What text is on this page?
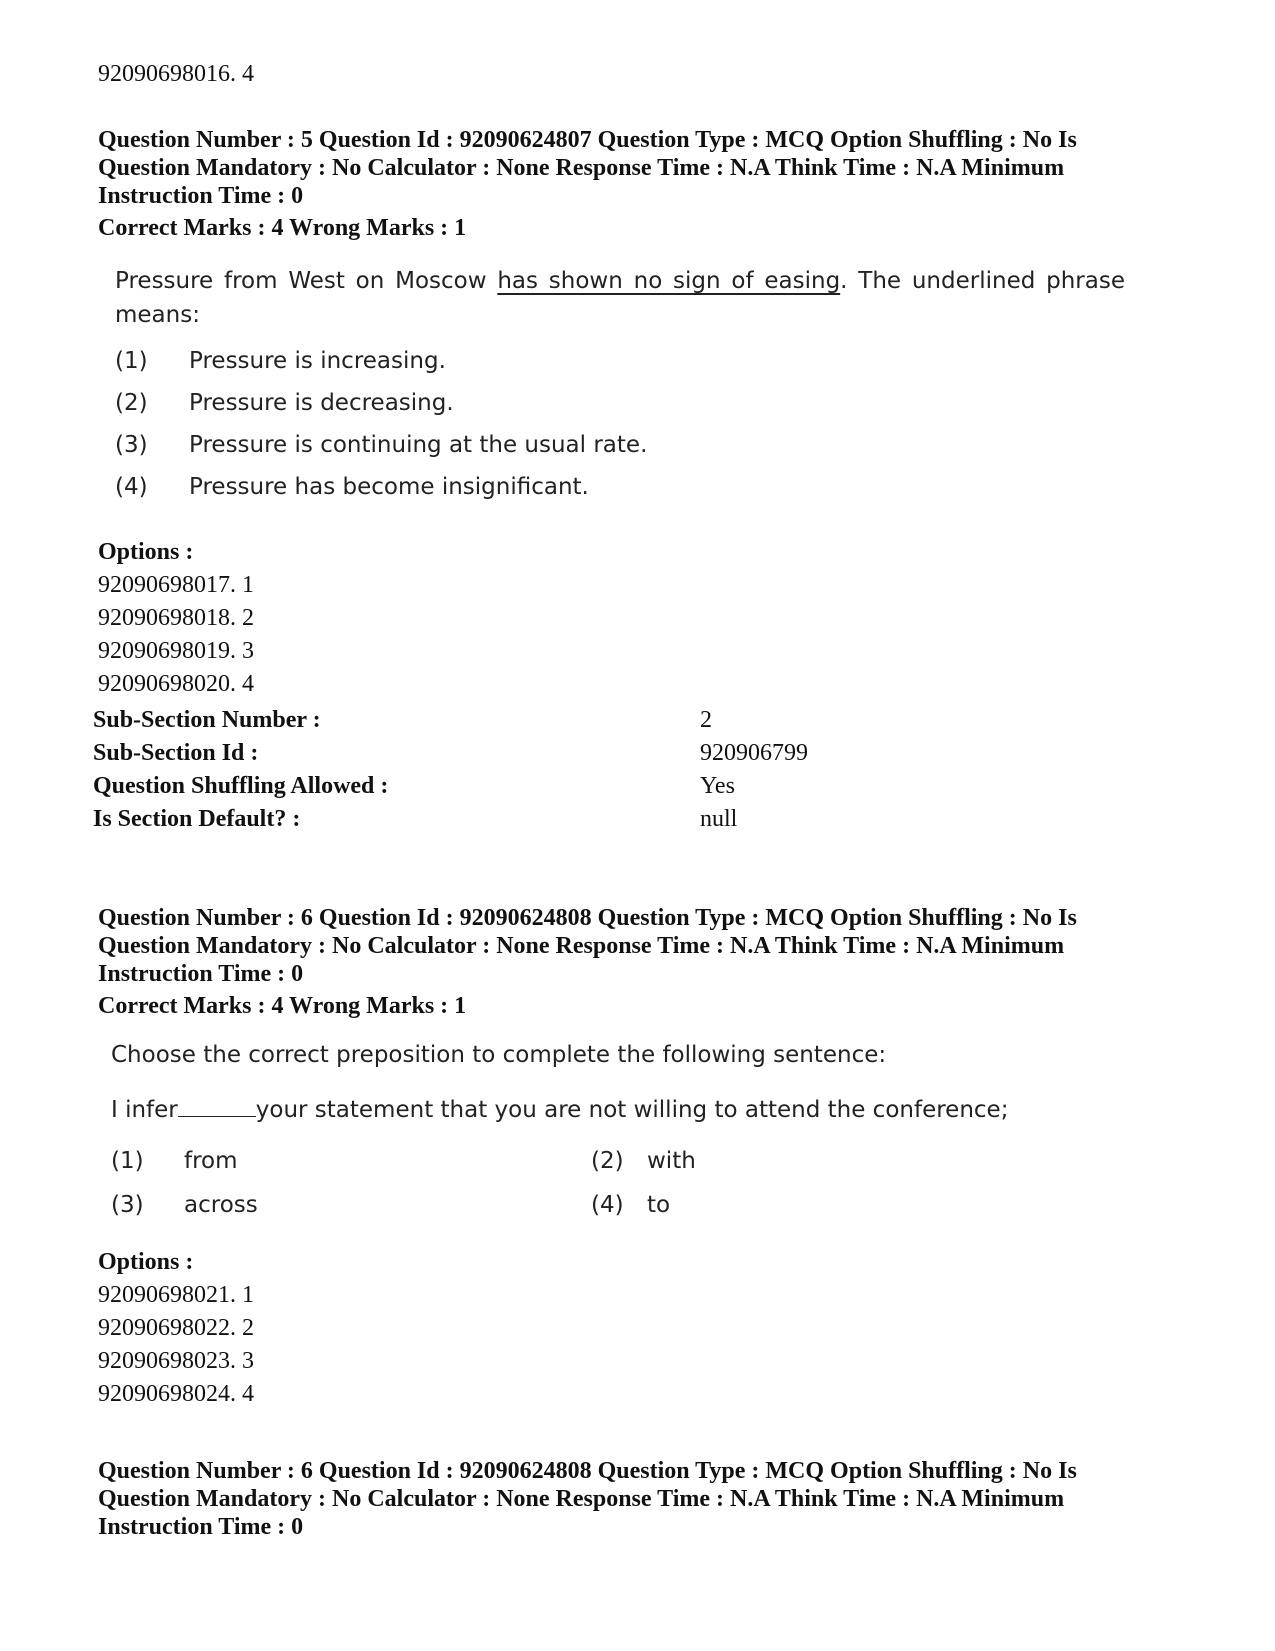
92090698016. 4
Question Number : 5 Question Id : 92090624807 Question Type : MCQ Option Shuffling : No Is
Question Mandatory : No Calculator : None Response Time : N.A Think Time : N.A Minimum
Instruction Time : 0
Correct Marks : 4 Wrong Marks : 1
Pressure from West on Moscow has shown no sign of easing. The underlined phrase means:
(1) Pressure is increasing.
(2) Pressure is decreasing.
(3) Pressure is continuing at the usual rate.
(4) Pressure has become insignificant.
Options :
92090698017. 1
92090698018. 2
92090698019. 3
92090698020. 4
Sub-Section Number :	2
Sub-Section Id :	920906799
Question Shuffling Allowed :	Yes
Is Section Default? :	null
Question Number : 6 Question Id : 92090624808 Question Type : MCQ Option Shuffling : No Is
Question Mandatory : No Calculator : None Response Time : N.A Think Time : N.A Minimum
Instruction Time : 0
Correct Marks : 4 Wrong Marks : 1
Choose the correct preposition to complete the following sentence:
I infer	your statement that you are not willing to attend the conference;
(1) from	(2) with
(3) across	(4) to
Options :
92090698021. 1
92090698022. 2
92090698023. 3
92090698024. 4
Question Number : 6 Question Id : 92090624808 Question Type : MCQ Option Shuffling : No Is
Question Mandatory : No Calculator : None Response Time : N.A Think Time : N.A Minimum
Instruction Time : 0
